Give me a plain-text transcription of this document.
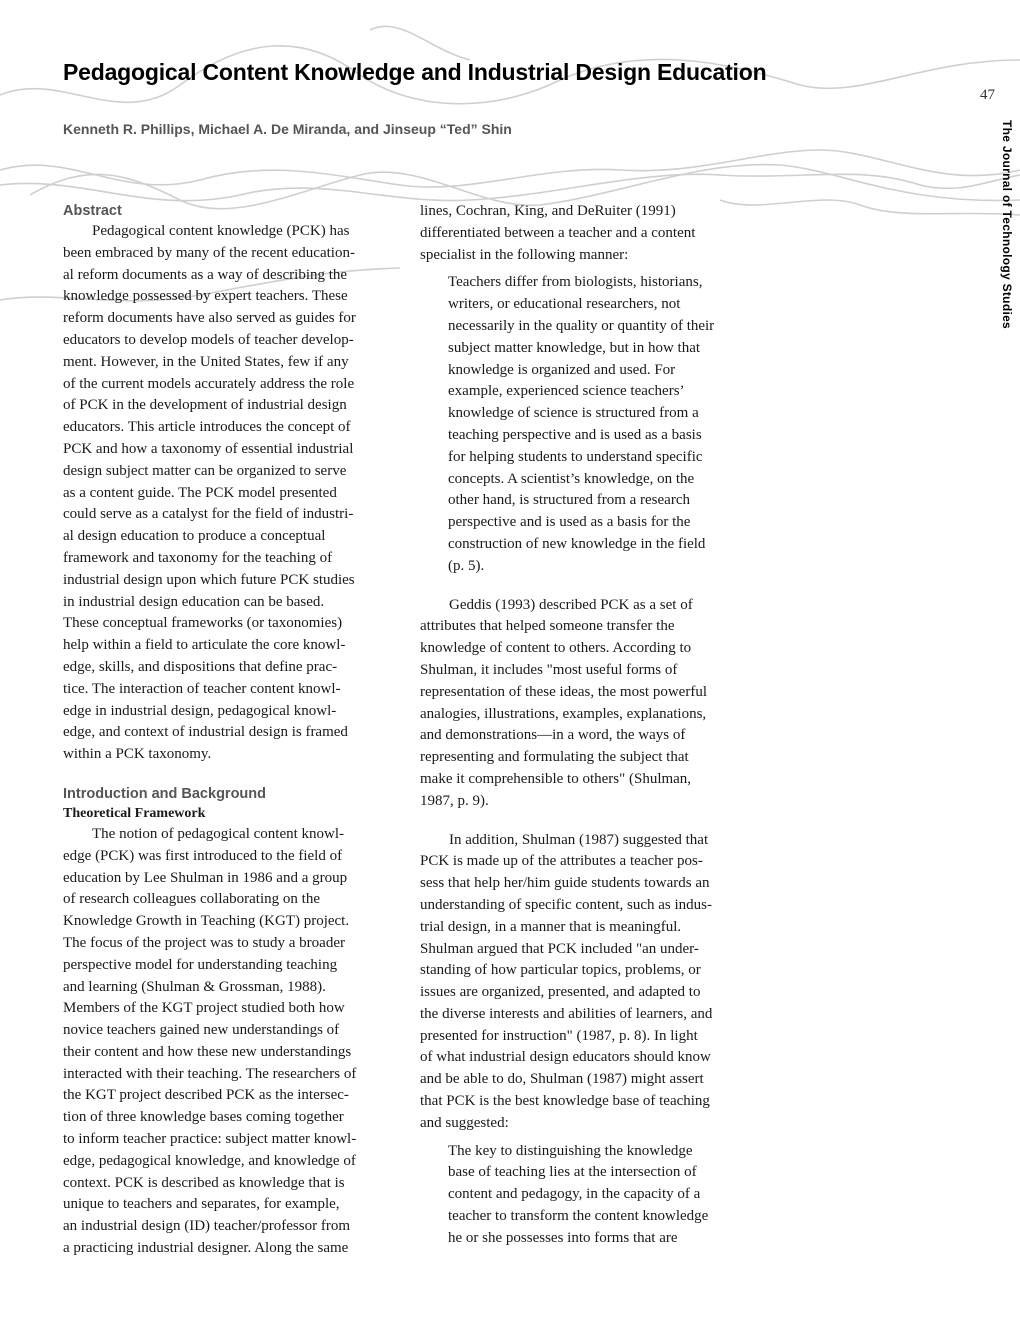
Pedagogical Content Knowledge and Industrial Design Education

Kenneth R. Phillips, Michael A. De Miranda, and Jinseup “Ted” Shin

47
The Journal of Technology Studies
Abstract

Pedagogical content knowledge (PCK) has
been embraced by many of the recent education-
al reform documents as a way of describing the
knowledge possessed by expert teachers. These
reform documents have also served as guides for
educators to develop models of teacher develop-
ment. However, in the United States, few if any
of the current models accurately address the role
of PCK in the development of industrial design
educators. This article introduces the concept of
PCK and how a taxonomy of essential industrial
design subject matter can be organized to serve
as a content guide. The PCK model presented
could serve as a catalyst for the field of industri-
al design education to produce a conceptual
framework and taxonomy for the teaching of
industrial design upon which future PCK studies
in industrial design education can be based.
These conceptual frameworks (or taxonomies)
help within a field to articulate the core knowl-
edge, skills, and dispositions that define prac-
tice. The interaction of teacher content knowl-
edge in industrial design, pedagogical knowl-
edge, and context of industrial design is framed
within a PCK taxonomy.

Introduction and Background
Theoretical Framework

The notion of pedagogical content knowl-
edge (PCK) was first introduced to the field of
education by Lee Shulman in 1986 and a group
of research colleagues collaborating on the
Knowledge Growth in Teaching (KGT) project.
The focus of the project was to study a broader
perspective model for understanding teaching
and learning (Shulman & Grossman, 1988).
Members of the KGT project studied both how
novice teachers gained new understandings of
their content and how these new understandings
interacted with their teaching. The researchers of
the KGT project described PCK as the intersec-
tion of three knowledge bases coming together
to inform teacher practice: subject matter knowl-
edge, pedagogical knowledge, and knowledge of
context. PCK is described as knowledge that is
unique to teachers and separates, for example,
an industrial design (ID) teacher/professor from
a practicing industrial designer. Along the same

lines, Cochran, King, and DeRuiter (1991)
differentiated between a teacher and a content
specialist in the following manner:

Teachers differ from biologists, historians,
writers, or educational researchers, not
necessarily in the quality or quantity of their
subject matter knowledge, but in how that
knowledge is organized and used. For
example, experienced science teachers’
knowledge of science is structured from a
teaching perspective and is used as a basis
for helping students to understand specific
concepts. A scientist’s knowledge, on the
other hand, is structured from a research
perspective and is used as a basis for the
construction of new knowledge in the field
(p. 5).

Geddis (1993) described PCK as a set of
attributes that helped someone transfer the
knowledge of content to others. According to
Shulman, it includes "most useful forms of
representation of these ideas, the most powerful
analogies, illustrations, examples, explanations,
and demonstrations—in a word, the ways of
representing and formulating the subject that
make it comprehensible to others" (Shulman,
1987, p. 9).

In addition, Shulman (1987) suggested that
PCK is made up of the attributes a teacher pos-
sess that help her/him guide students towards an
understanding of specific content, such as indus-
trial design, in a manner that is meaningful.
Shulman argued that PCK included "an under-
standing of how particular topics, problems, or
issues are organized, presented, and adapted to
the diverse interests and abilities of learners, and
presented for instruction" (1987, p. 8). In light
of what industrial design educators should know
and be able to do, Shulman (1987) might assert
that PCK is the best knowledge base of teaching
and suggested:

The key to distinguishing the knowledge
base of teaching lies at the intersection of
content and pedagogy, in the capacity of a
teacher to transform the content knowledge
he or she possesses into forms that are
